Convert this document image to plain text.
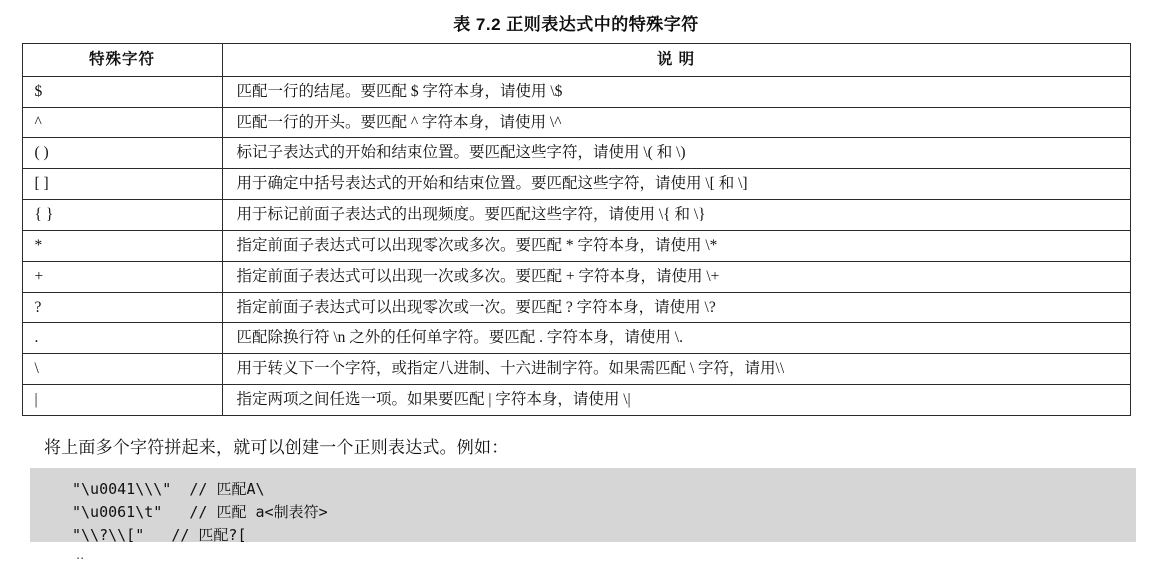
表 7.2 正则表达式中的特殊字符
特殊字符	说 明
$	匹配一行的结尾。要匹配 $ 字符本身，请使用 \$
^	匹配一行的开头。要匹配 ^ 字符本身，请使用 \^
( )	标记子表达式的开始和结束位置。要匹配这些字符，请使用 \( 和 \)
[ ]	用于确定中括号表达式的开始和结束位置。要匹配这些字符，请使用 \[ 和 \]
{ }	用于标记前面子表达式的出现频度。要匹配这些字符，请使用 \{ 和 \}
*	指定前面子表达式可以出现零次或多次。要匹配 * 字符本身，请使用 \*
+	指定前面子表达式可以出现一次或多次。要匹配 + 字符本身，请使用 \+
?	指定前面子表达式可以出现零次或一次。要匹配 ? 字符本身，请使用 \?
.	匹配除换行符 \n 之外的任何单字符。要匹配 . 字符本身，请使用 \.
\	用于转义下一个字符，或指定八进制、十六进制字符。如果需匹配 \ 字符，请用\\
|	指定两项之间任选一项。如果要匹配 | 字符本身，请使用 \|

将上面多个字符拼起来，就可以创建一个正则表达式。例如：

"\u0041\\\"  // 匹配A\
"\u0061\t"   // 匹配 a<制表符>
"\\?\\["   // 匹配?[
⋅⋅
